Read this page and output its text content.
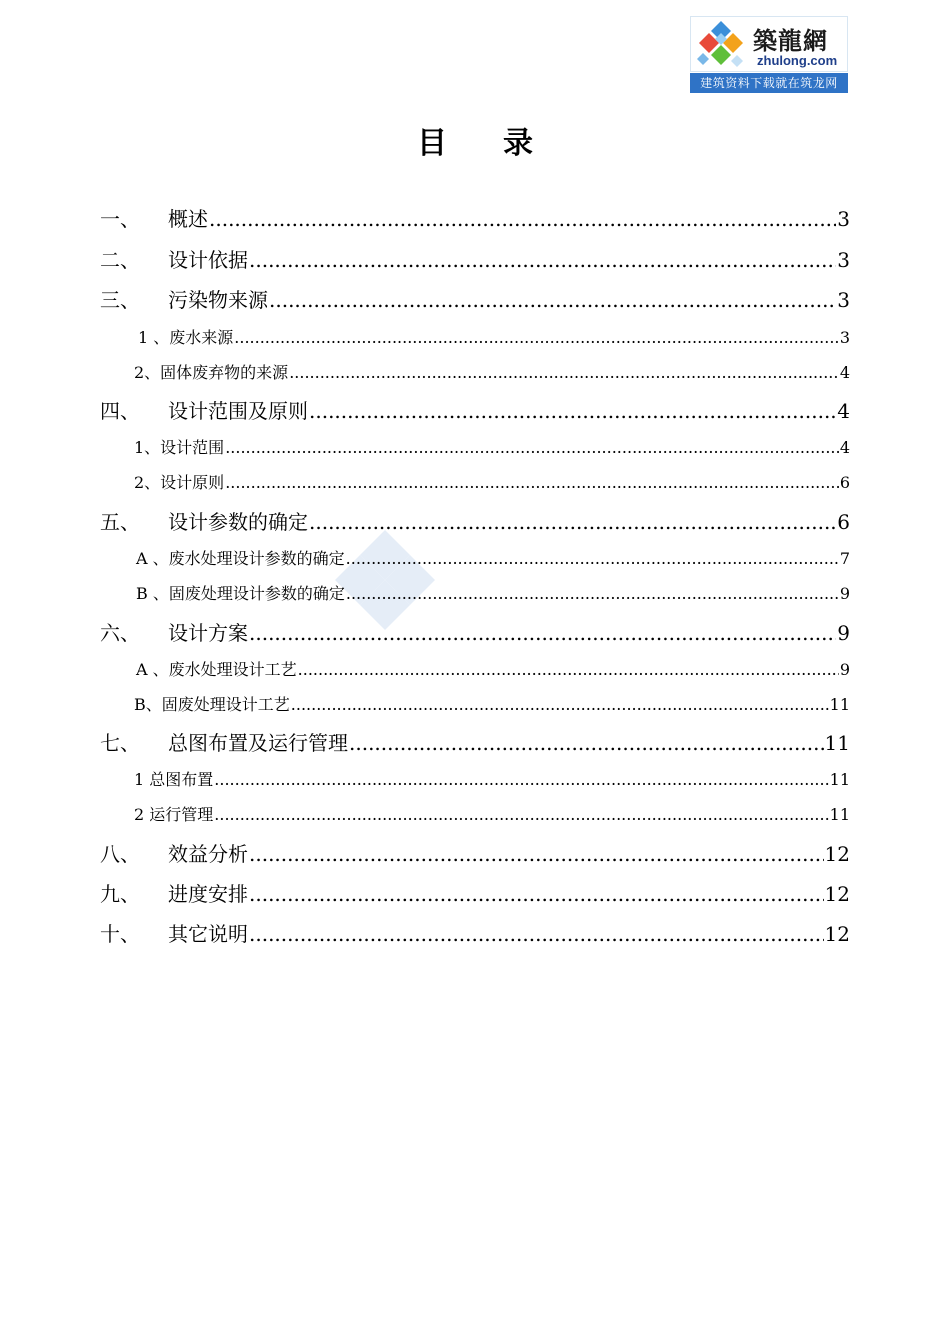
築龍網
zhulong.com
建筑资料下载就在筑龙网
目 录
一、	概述 .....	3
二、	设计依据 .....	3
三、	污染物来源 .....	3
1 、废水来源 .....	3
2、固体废弃物的来源 .....	4
四、	设计范围及原则 .....	4
1、设计范围 .....	4
2、设计原则 .....	6
五、	设计参数的确定 .....	6
A 、废水处理设计参数的确定 .....	7
B 、固废处理设计参数的确定 .....	9
六、	设计方案 .....	9
A 、废水处理设计工艺 .....	9
B、固废处理设计工艺 .....	11
七、	总图布置及运行管理 .....	11
1 总图布置 .....	11
2 运行管理 .....	11
八、	效益分析 .....	12
九、	进度安排 .....	12
十、	其它说明 .....	12
